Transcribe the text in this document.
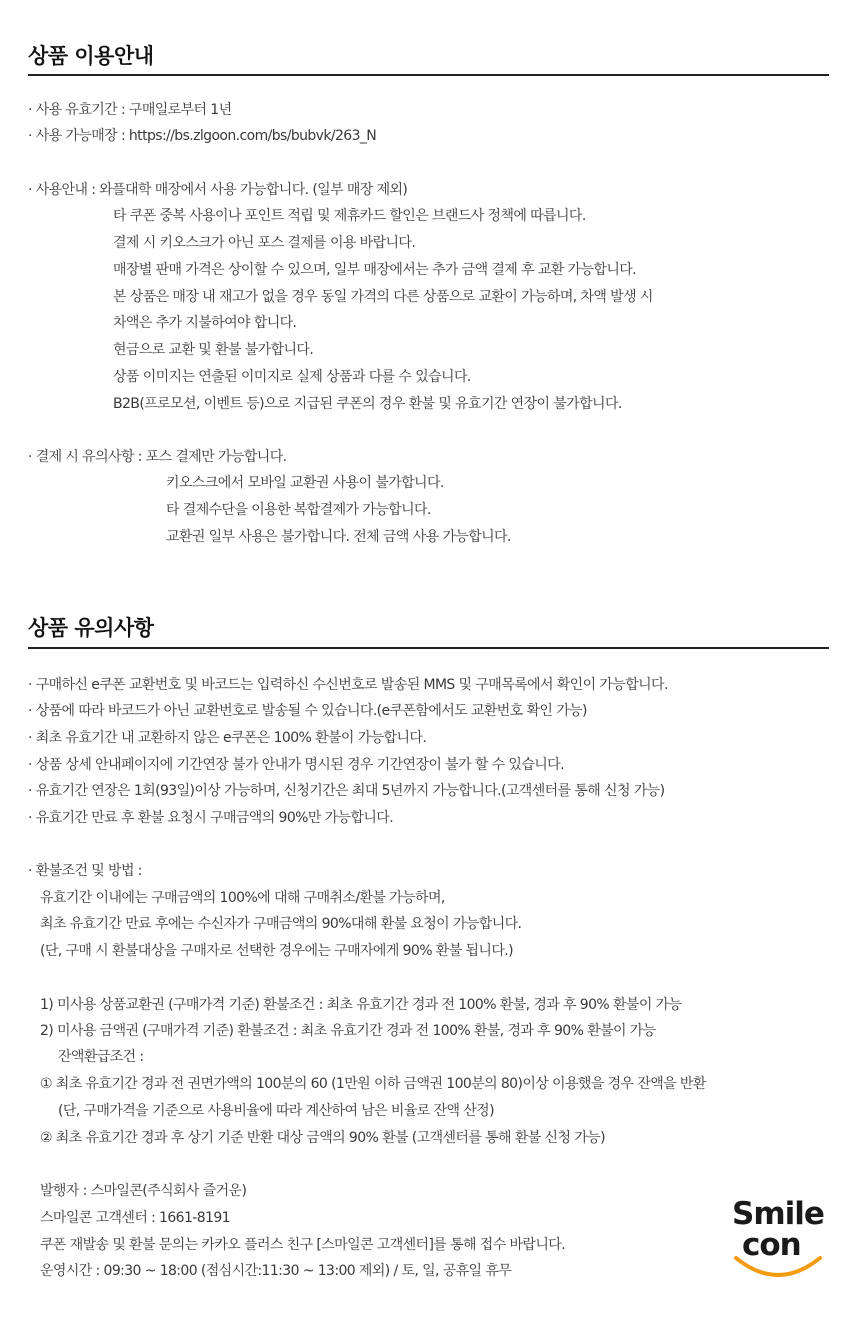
상품 이용안내
· 사용 유효기간 : 구매일로부터 1년
· 사용 가능매장 : https://bs.zlgoon.com/bs/bubvk/263_N
· 사용안내 : 와플대학 매장에서 사용 가능합니다. (일부 매장 제외)
타 쿠폰 중복 사용이나 포인트 적립 및 제휴카드 할인은 브랜드사 정책에 따릅니다.
결제 시 키오스크가 아닌 포스 결제를 이용 바랍니다.
매장별 판매 가격은 상이할 수 있으며, 일부 매장에서는 추가 금액 결제 후 교환 가능합니다.
본 상품은 매장 내 재고가 없을 경우 동일 가격의 다른 상품으로 교환이 가능하며, 차액 발생 시
차액은 추가 지불하여야 합니다.
현금으로 교환 및 환불 불가합니다.
상품 이미지는 연출된 이미지로 실제 상품과 다를 수 있습니다.
B2B(프로모션, 이벤트 등)으로 지급된 쿠폰의 경우 환불 및 유효기간 연장이 불가합니다.
· 결제 시 유의사항 : 포스 결제만 가능합니다.
키오스크에서 모바일 교환권 사용이 불가합니다.
타 결제수단을 이용한 복합결제가 가능합니다.
교환권 일부 사용은 불가합니다. 전체 금액 사용 가능합니다.
상품 유의사항
· 구매하신 e쿠폰 교환번호 및 바코드는 입력하신 수신번호로 발송된 MMS 및 구매목록에서 확인이 가능합니다.
· 상품에 따라 바코드가 아닌 교환번호로 발송될 수 있습니다.(e쿠폰함에서도 교환번호 확인 가능)
· 최초 유효기간 내 교환하지 않은 e쿠폰은 100% 환불이 가능합니다.
· 상품 상세 안내페이지에 기간연장 불가 안내가 명시된 경우 기간연장이 불가 할 수 있습니다.
· 유효기간 연장은 1회(93일)이상 가능하며, 신청기간은 최대 5년까지 가능합니다.(고객센터를 통해 신청 가능)
· 유효기간 만료 후 환불 요청시 구매금액의 90%만 가능합니다.
· 환불조건 및 방법 :
유효기간 이내에는 구매금액의 100%에 대해 구매취소/환불 가능하며,
최초 유효기간 만료 후에는 수신자가 구매금액의 90%대해 환불 요청이 가능합니다.
(단, 구매 시 환불대상을 구매자로 선택한 경우에는 구매자에게 90% 환불 됩니다.)
1) 미사용 상품교환권 (구매가격 기준) 환불조건 : 최초 유효기간 경과 전 100% 환불, 경과 후 90% 환불이 가능
2) 미사용 금액권 (구매가격 기준) 환불조건 : 최초 유효기간 경과 전 100% 환불, 경과 후 90% 환불이 가능
잔액환급조건 :
① 최초 유효기간 경과 전 권면가액의 100분의 60 (1만원 이하 금액권 100분의 80)이상 이용했을 경우 잔액을 반환
(단, 구매가격을 기준으로 사용비율에 따라 계산하여 남은 비율로 잔액 산정)
② 최초 유효기간 경과 후 상기 기준 반환 대상 금액의 90% 환불 (고객센터를 통해 환불 신청 가능)
발행자 : 스마일콘(주식회사 즐거운)
스마일콘 고객센터 : 1661-8191
쿠폰 재발송 및 환불 문의는 카카오 플러스 친구 [스마일콘 고객센터]를 통해 접수 바랍니다.
운영시간 : 09:30 ~ 18:00 (점심시간:11:30 ~ 13:00 제외) / 토, 일, 공휴일 휴무
Smile
con
